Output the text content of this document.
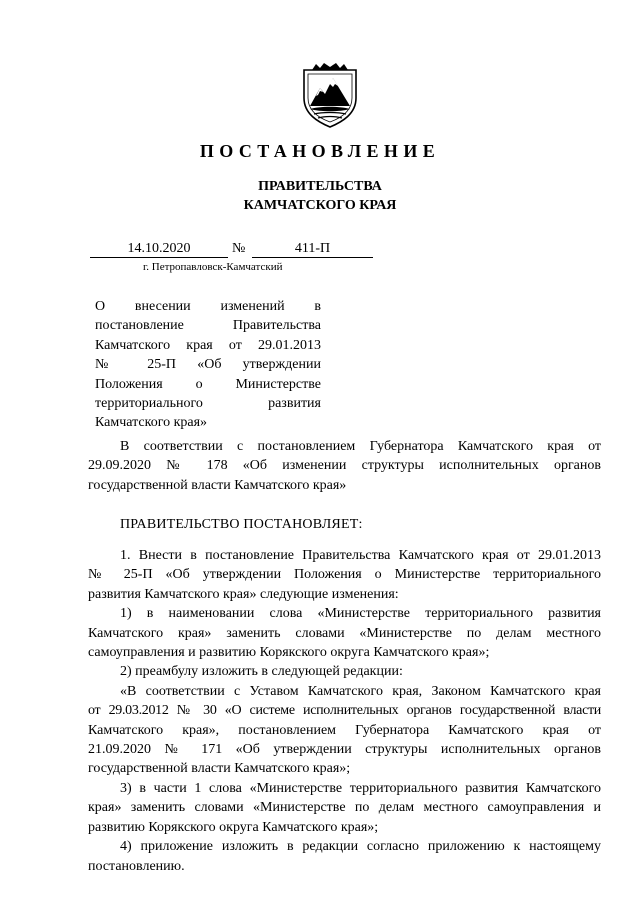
ПОСТАНОВЛЕНИЕ
ПРАВИТЕЛЬСТВА
КАМЧАТСКОГО КРАЯ
14.10.2020	№	411-П
г. Петропавловск-Камчатский
О внесении изменений в
постановление Правительства
Камчатского края от 29.01.2013
№ 25-П «Об утверждении
Положения о Министерстве
территориального развития
Камчатского края»
В соответствии с постановлением Губернатора Камчатского края от
29.09.2020 № 178 «Об изменении структуры исполнительных органов
государственной власти Камчатского края»
ПРАВИТЕЛЬСТВО ПОСТАНОВЛЯЕТ:
1. Внести в постановление Правительства Камчатского края от 29.01.2013
№ 25-П «Об утверждении Положения о Министерстве территориального
развития Камчатского края» следующие изменения:
1) в наименовании слова «Министерстве территориального развития
Камчатского края» заменить словами «Министерстве по делам местного
самоуправления и развитию Корякского округа Камчатского края»;
2) преамбулу изложить в следующей редакции:
«В соответствии с Уставом Камчатского края, Законом Камчатского края
от 29.03.2012 № 30 «О системе исполнительных органов государственной власти
Камчатского края», постановлением Губернатора Камчатского края от
21.09.2020 № 171 «Об утверждении структуры исполнительных органов
государственной власти Камчатского края»;
3) в части 1 слова «Министерстве территориального развития Камчатского
края» заменить словами «Министерстве по делам местного самоуправления и
развитию Корякского округа Камчатского края»;
4) приложение изложить в редакции согласно приложению к настоящему
постановлению.
